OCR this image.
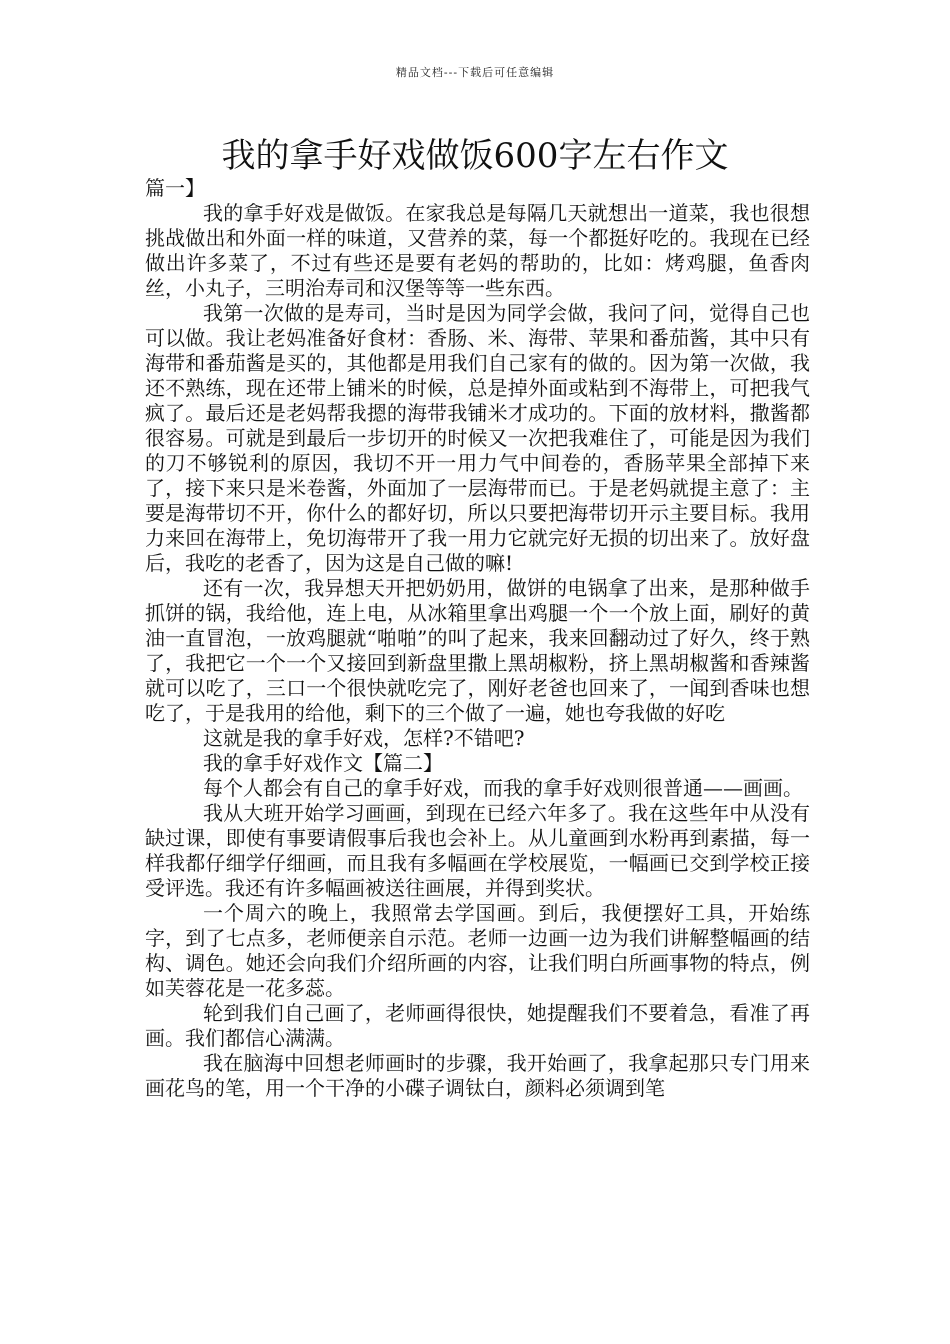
精品文档---下载后可任意编辑
我的拿手好戏做饭600字左右作文

篇一】

我的拿手好戏是做饭。在家我总是每隔几天就想出一道菜，我也很想挑战做出和外面一样的味道，又营养的菜，每一个都挺好吃的。我现在已经做出许多菜了，不过有些还是要有老妈的帮助的，比如：烤鸡腿，鱼香肉丝，小丸子，三明治寿司和汉堡等等一些东西。

我第一次做的是寿司，当时是因为同学会做，我问了问，觉得自己也可以做。我让老妈准备好食材：香肠、米、海带、苹果和番茄酱，其中只有海带和番茄酱是买的，其他都是用我们自己家有的做的。因为第一次做，我还不熟练，现在还带上铺米的时候，总是掉外面或粘到不海带上，可把我气疯了。最后还是老妈帮我摁的海带我铺米才成功的。下面的放材料，撒酱都很容易。可就是到最后一步切开的时候又一次把我难住了，可能是因为我们的刀不够锐利的原因，我切不开一用力气中间卷的，香肠苹果全部掉下来了，接下来只是米卷酱，外面加了一层海带而已。于是老妈就提主意了：主要是海带切不开，你什么的都好切，所以只要把海带切开示主要目标。我用力来回在海带上，免切海带开了我一用力它就完好无损的切出来了。放好盘后，我吃的老香了，因为这是自己做的嘛!

还有一次，我异想天开把奶奶用，做饼的电锅拿了出来，是那种做手抓饼的锅，我给他，连上电，从冰箱里拿出鸡腿一个一个放上面，刷好的黄油一直冒泡，一放鸡腿就“啪啪”的叫了起来，我来回翻动过了好久，终于熟了，我把它一个一个又接回到新盘里撒上黑胡椒粉，挤上黑胡椒酱和香辣酱就可以吃了，三口一个很快就吃完了，刚好老爸也回来了，一闻到香味也想吃了，于是我用的给他，剩下的三个做了一遍，她也夸我做的好吃

这就是我的拿手好戏，怎样?不错吧?

我的拿手好戏作文【篇二】

每个人都会有自己的拿手好戏，而我的拿手好戏则很普通——画画。

我从大班开始学习画画，到现在已经六年多了。我在这些年中从没有缺过课，即使有事要请假事后我也会补上。从儿童画到水粉再到素描，每一样我都仔细学仔细画，而且我有多幅画在学校展览，一幅画已交到学校正接受评选。我还有许多幅画被送往画展，并得到奖状。

一个周六的晚上，我照常去学国画。到后，我便摆好工具，开始练字，到了七点多，老师便亲自示范。老师一边画一边为我们讲解整幅画的结构、调色。她还会向我们介绍所画的内容，让我们明白所画事物的特点，例如芙蓉花是一花多蕊。

轮到我们自己画了，老师画得很快，她提醒我们不要着急，看准了再画。我们都信心满满。

我在脑海中回想老师画时的步骤，我开始画了，我拿起那只专门用来画花鸟的笔，用一个干净的小碟子调钛白，颜料必须调到笔
